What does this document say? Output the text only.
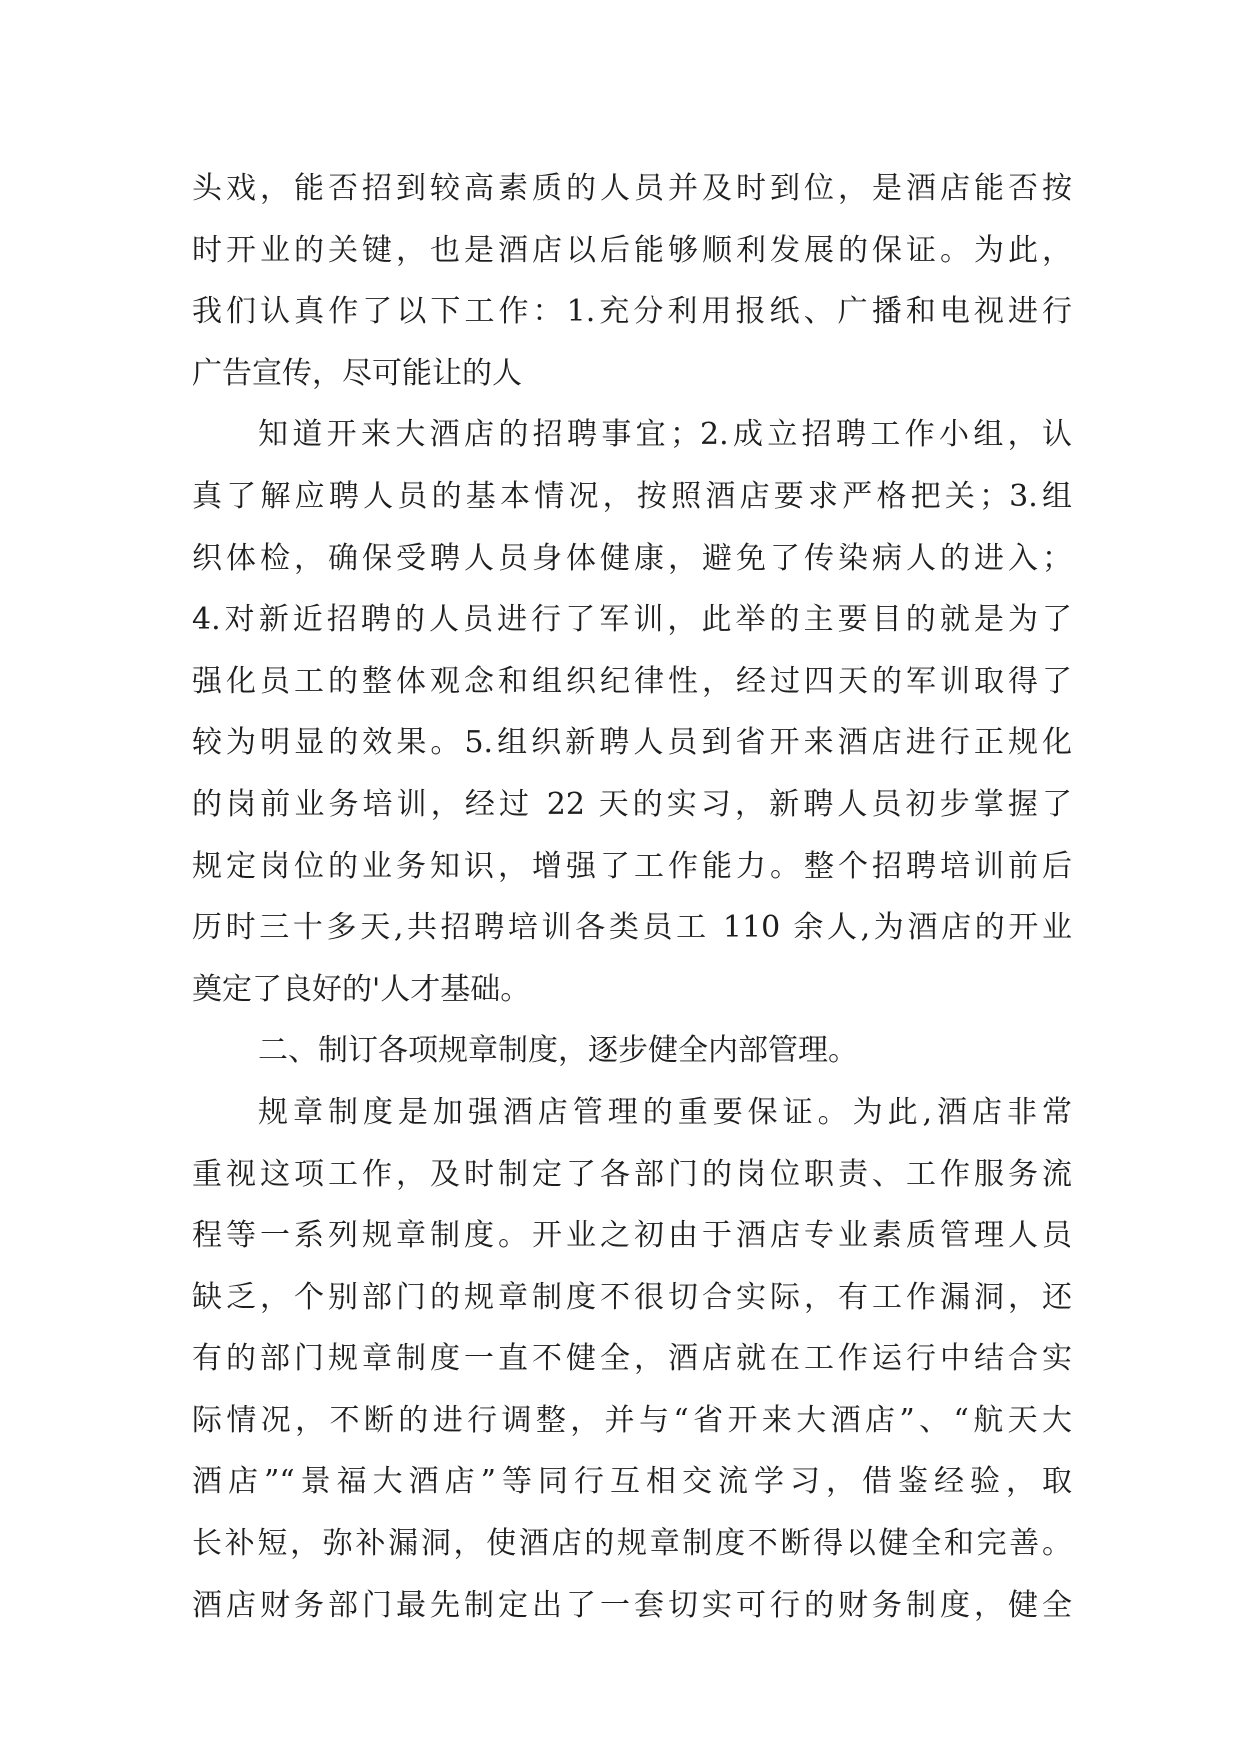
头戏，能否招到较高素质的人员并及时到位，是酒店能否按
时开业的关键，也是酒店以后能够顺利发展的保证。为此，
我们认真作了以下工作：1.充分利用报纸、广播和电视进行
广告宣传，尽可能让的人
知道开来大酒店的招聘事宜；2.成立招聘工作小组，认
真了解应聘人员的基本情况，按照酒店要求严格把关；3.组
织体检，确保受聘人员身体健康，避免了传染病人的进入；
4.对新近招聘的人员进行了军训，此举的主要目的就是为了
强化员工的整体观念和组织纪律性，经过四天的军训取得了
较为明显的效果。5.组织新聘人员到省开来酒店进行正规化
的岗前业务培训，经过 22 天的实习，新聘人员初步掌握了
规定岗位的业务知识，增强了工作能力。整个招聘培训前后
历时三十多天,共招聘培训各类员工 110 余人,为酒店的开业
奠定了良好的'人才基础。
二、制订各项规章制度，逐步健全内部管理。
规章制度是加强酒店管理的重要保证。为此,酒店非常
重视这项工作，及时制定了各部门的岗位职责、工作服务流
程等一系列规章制度。开业之初由于酒店专业素质管理人员
缺乏，个别部门的规章制度不很切合实际，有工作漏洞，还
有的部门规章制度一直不健全，酒店就在工作运行中结合实
际情况，不断的进行调整，并与“省开来大酒店”、“航天大
酒店”“景福大酒店”等同行互相交流学习，借鉴经验，取
长补短，弥补漏洞，使酒店的规章制度不断得以健全和完善。
酒店财务部门最先制定出了一套切实可行的财务制度，健全
